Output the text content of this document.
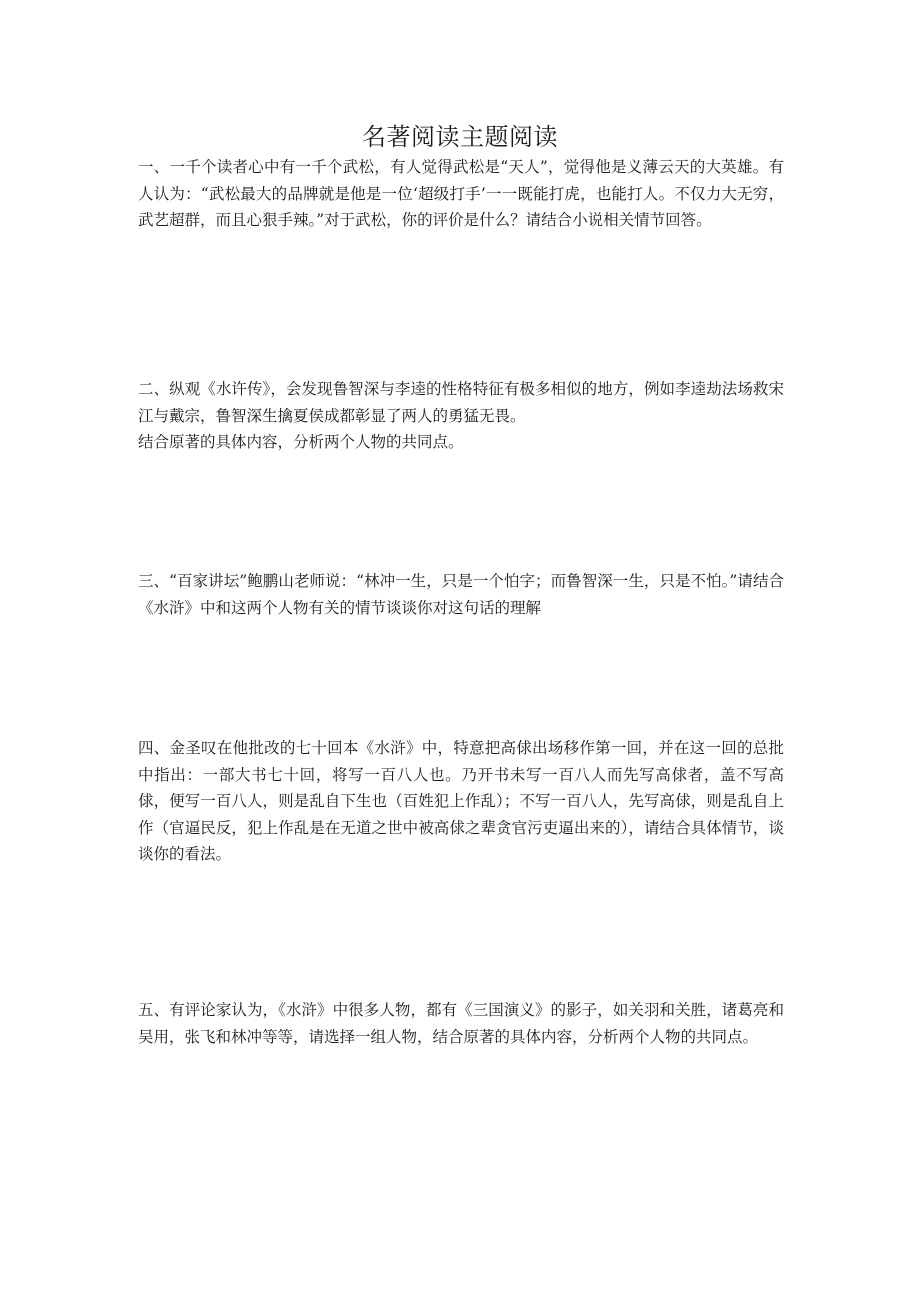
名著阅读主题阅读

一、一千个读者心中有一千个武松，有人觉得武松是“天人”，觉得他是义薄云天的大英雄。有人认为：“武松最大的品牌就是他是一位‘超级打手’一一既能打虎，也能打人。不仅力大无穷，武艺超群，而且心狠手辣。”对于武松，你的评价是什么？请结合小说相关情节回答。

二、纵观《水许传》，会发现鲁智深与李逵的性格特征有极多相似的地方，例如李逵劫法场救宋江与戴宗，鲁智深生擒夏侯成都彰显了两人的勇猛无畏。

结合原著的具体内容，分析两个人物的共同点。

三、“百家讲坛”鲍鹏山老师说：“林冲一生，只是一个怕字；而鲁智深一生，只是不怕。”请结合《水浒》中和这两个人物有关的情节谈谈你对这句话的理解

四、金圣叹在他批改的七十回本《水浒》中，特意把高俅出场移作第一回，并在这一回的总批中指出：一部大书七十回，将写一百八人也。乃开书未写一百八人而先写高俅者，盖不写高俅，便写一百八人，则是乱自下生也（百姓犯上作乱）；不写一百八人，先写高俅，则是乱自上作（官逼民反，犯上作乱是在无道之世中被高俅之辈贪官污吏逼出来的），请结合具体情节，谈谈你的看法。

五、有评论家认为，《水浒》中很多人物，都有《三国演义》的影子，如关羽和关胜，诸葛亮和吴用，张飞和林冲等等，请选择一组人物，结合原著的具体内容，分析两个人物的共同点。
